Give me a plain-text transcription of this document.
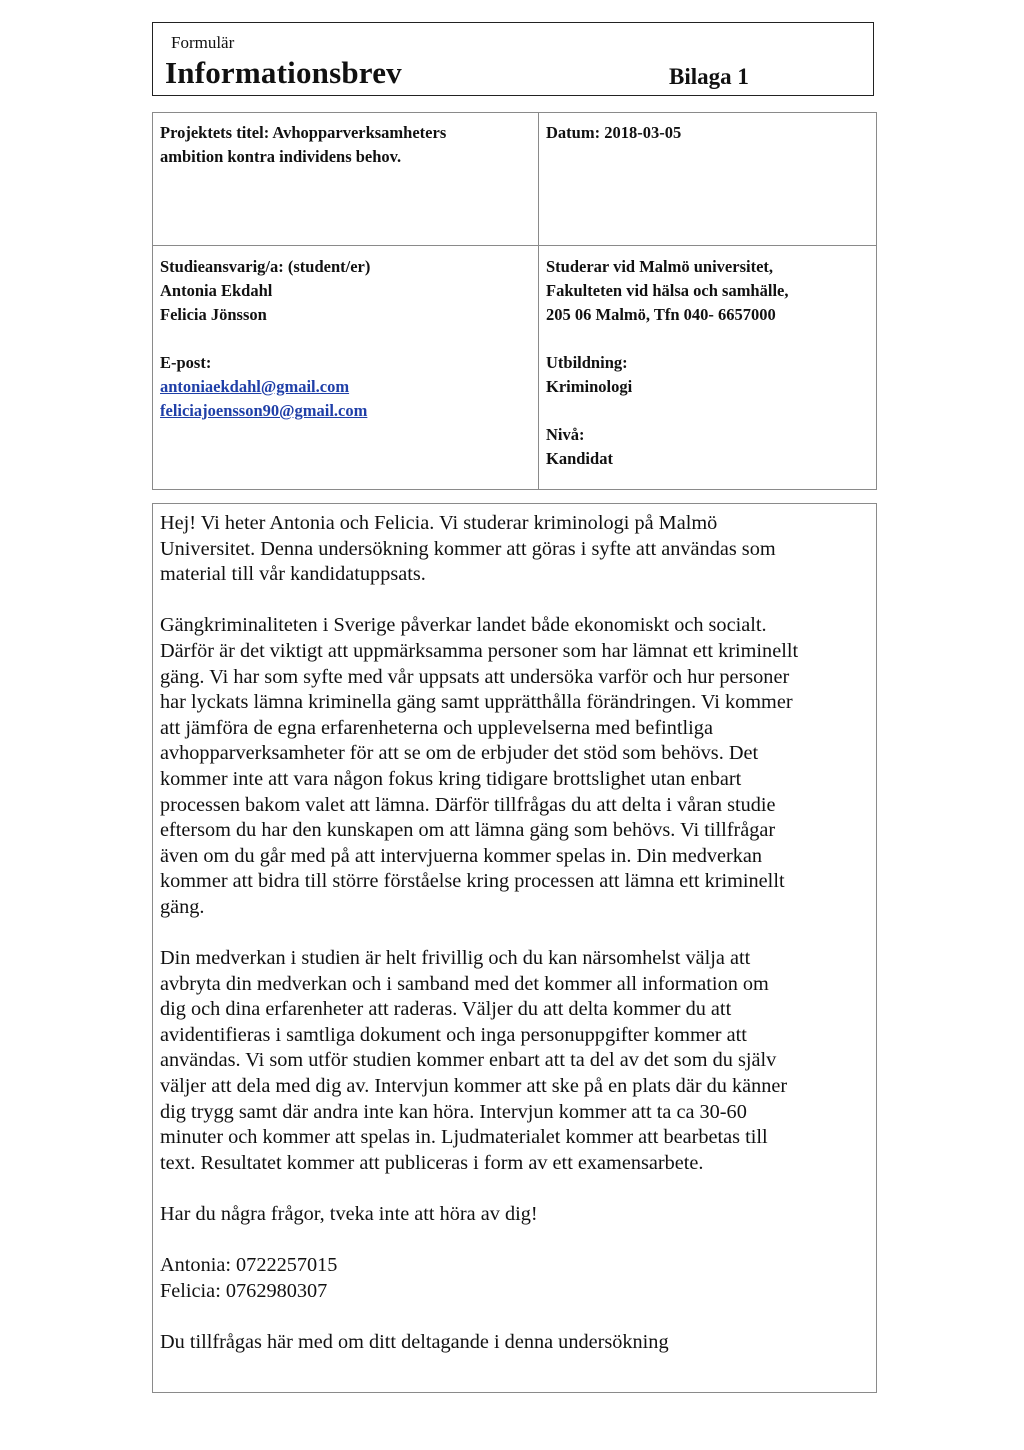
Formulär
Informationsbrev	Bilaga 1
Projektets titel: Avhopparverksamheters
ambition kontra individens behov.
Datum: 2018-03-05
Studieansvarig/a: (student/er)
Antonia Ekdahl
Felicia Jönsson
E-post:
antoniaekdahl@gmail.com
feliciajoensson90@gmail.com
Studerar vid Malmö universitet,
Fakulteten vid hälsa och samhälle,
205 06 Malmö, Tfn 040- 6657000
Utbildning:
Kriminologi
Nivå:
Kandidat
Hej! Vi heter Antonia och Felicia. Vi studerar kriminologi på Malmö
Universitet. Denna undersökning kommer att göras i syfte att användas som
material till vår kandidatuppsats.
Gängkriminaliteten i Sverige påverkar landet både ekonomiskt och socialt.
Därför är det viktigt att uppmärksamma personer som har lämnat ett kriminellt
gäng. Vi har som syfte med vår uppsats att undersöka varför och hur personer
har lyckats lämna kriminella gäng samt upprätthålla förändringen. Vi kommer
att jämföra de egna erfarenheterna och upplevelserna med befintliga
avhopparverksamheter för att se om de erbjuder det stöd som behövs. Det
kommer inte att vara någon fokus kring tidigare brottslighet utan enbart
processen bakom valet att lämna. Därför tillfrågas du att delta i våran studie
eftersom du har den kunskapen om att lämna gäng som behövs. Vi tillfrågar
även om du går med på att intervjuerna kommer spelas in. Din medverkan
kommer att bidra till större förståelse kring processen att lämna ett kriminellt
gäng.
Din medverkan i studien är helt frivillig och du kan närsomhelst välja att
avbryta din medverkan och i samband med det kommer all information om
dig och dina erfarenheter att raderas. Väljer du att delta kommer du att
avidentifieras i samtliga dokument och inga personuppgifter kommer att
användas. Vi som utför studien kommer enbart att ta del av det som du själv
väljer att dela med dig av. Intervjun kommer att ske på en plats där du känner
dig trygg samt där andra inte kan höra. Intervjun kommer att ta ca 30-60
minuter och kommer att spelas in. Ljudmaterialet kommer att bearbetas till
text. Resultatet kommer att publiceras i form av ett examensarbete.
Har du några frågor, tveka inte att höra av dig!
Antonia: 0722257015
Felicia: 0762980307
Du tillfrågas här med om ditt deltagande i denna undersökning
